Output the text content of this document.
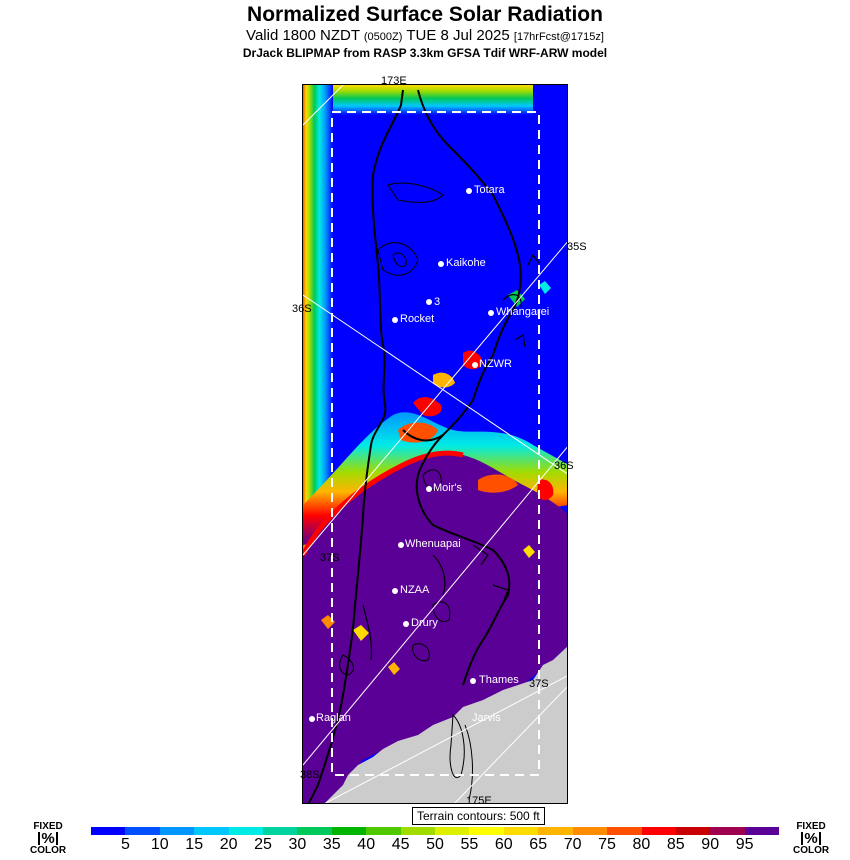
Normalized Surface Solar Radiation
Valid 1800 NZDT (0500Z) TUE 8 Jul 2025 [17hrFcst@1715z]
DrJack BLIPMAP from RASP 3.3km GFSA Tdif WRF-ARW model
Totara
Kaikohe
3
Rocket
Whangarei
NZWR
Moir's
Whenuapai
NZAA
Drury
Thames
Raglan	Jarvis
173E
35S
36S
36S
37S
37S
38S
175E
Terrain contours: 500 ft
FIXED
%
COLOR
FIXED
%
COLOR
5 10 15 20 25 30 35 40 45 50 55 60 65 70 75 80 85 90 95
